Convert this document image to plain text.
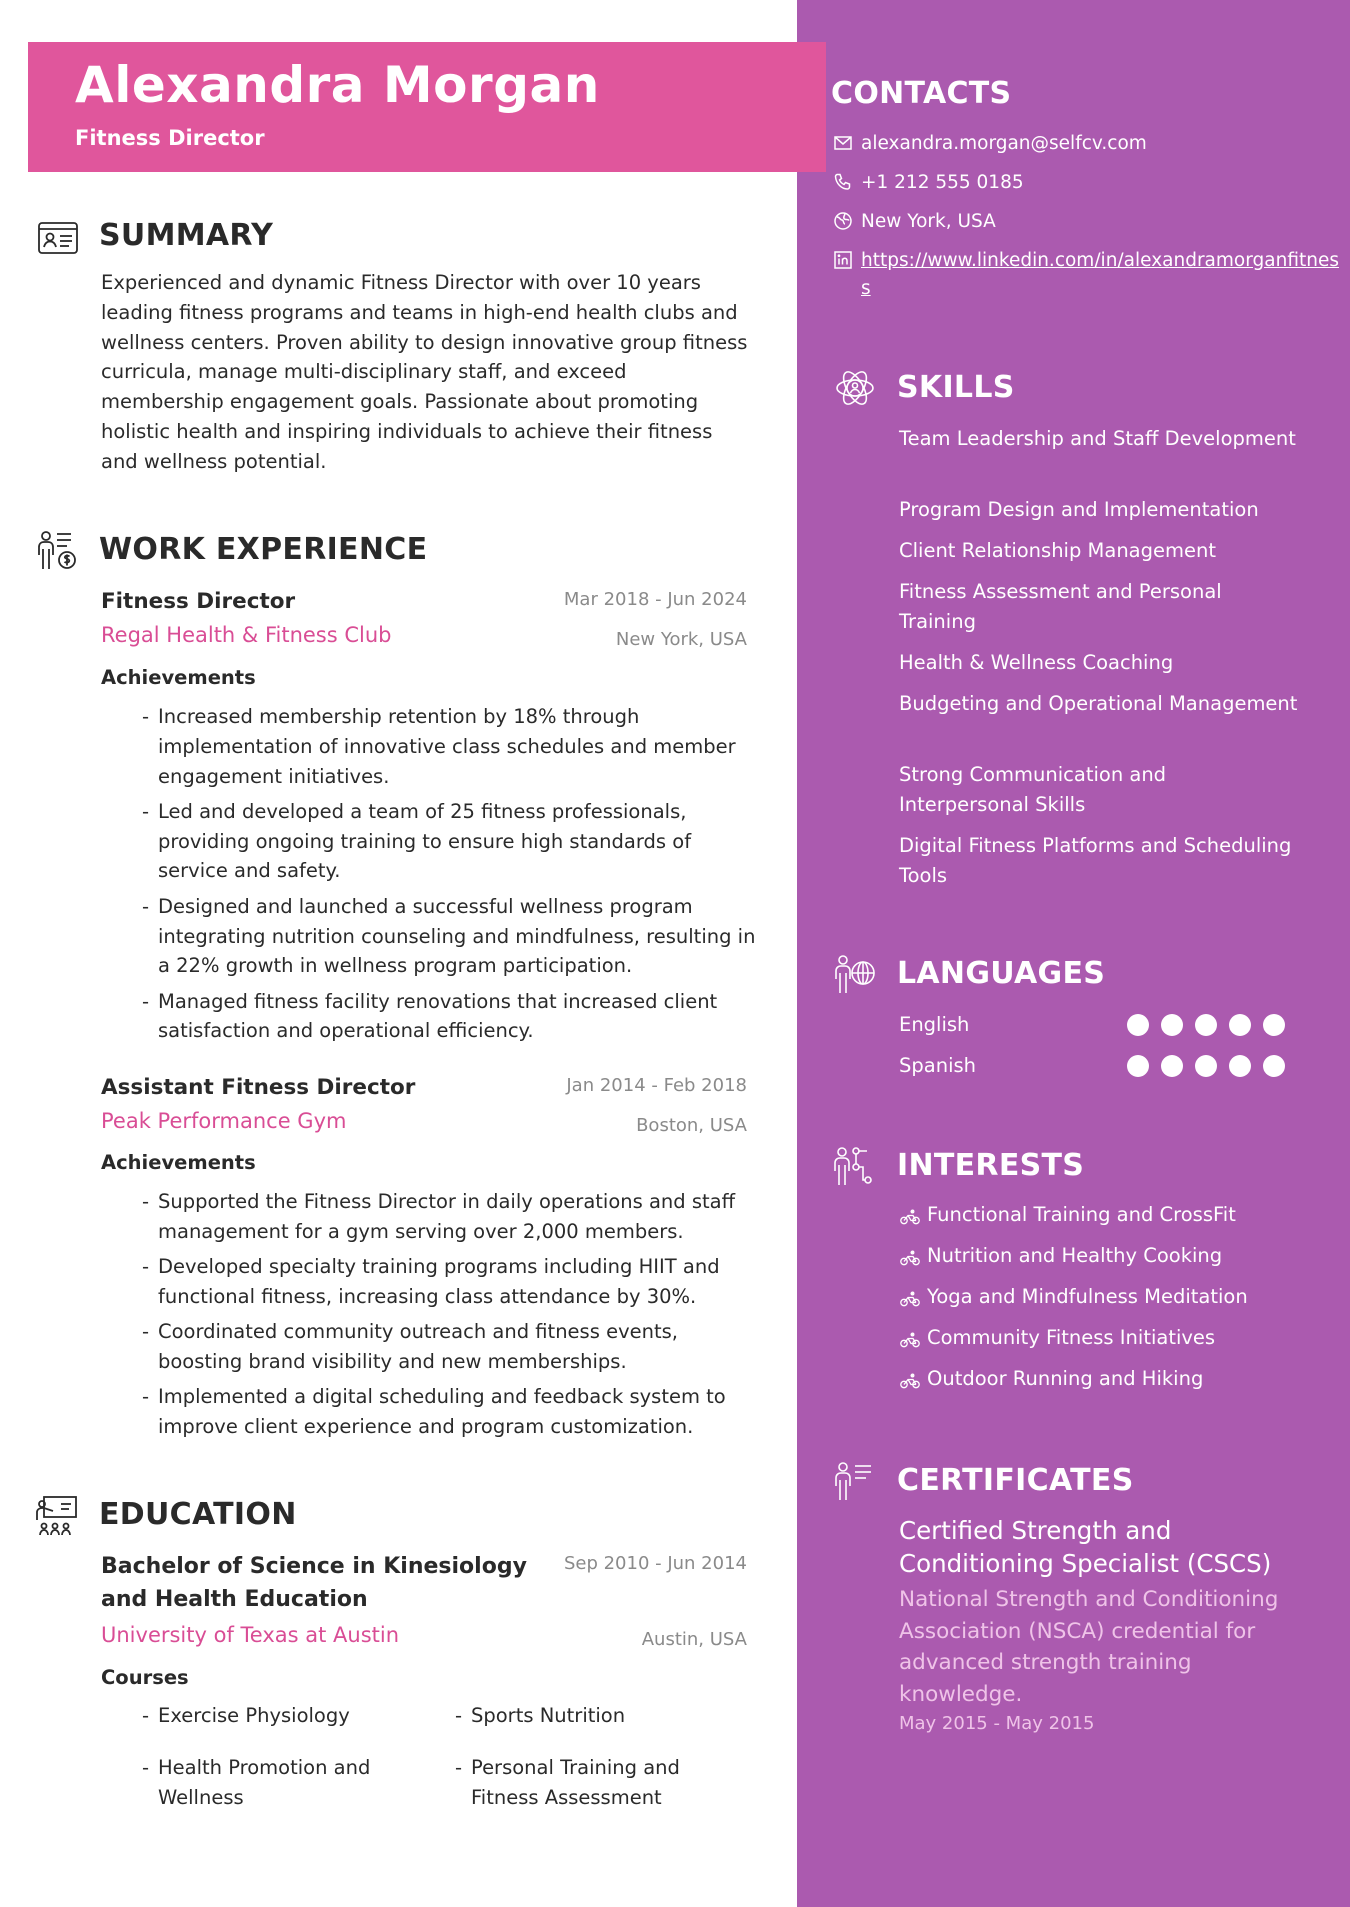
Alexandra Morgan
Fitness Director
SUMMARY
Experienced and dynamic Fitness Director with over 10 years leading fitness programs and teams in high-end health clubs and wellness centers. Proven ability to design innovative group fitness curricula, manage multi-disciplinary staff, and exceed membership engagement goals. Passionate about promoting holistic health and inspiring individuals to achieve their fitness and wellness potential.
WORK EXPERIENCE
Fitness Director	Mar 2018 - Jun 2024
Regal Health & Fitness Club	New York, USA
Achievements
- Increased membership retention by 18% through implementation of innovative class schedules and member engagement initiatives.
- Led and developed a team of 25 fitness professionals, providing ongoing training to ensure high standards of service and safety.
- Designed and launched a successful wellness program integrating nutrition counseling and mindfulness, resulting in a 22% growth in wellness program participation.
- Managed fitness facility renovations that increased client satisfaction and operational efficiency.
Assistant Fitness Director	Jan 2014 - Feb 2018
Peak Performance Gym	Boston, USA
Achievements
- Supported the Fitness Director in daily operations and staff management for a gym serving over 2,000 members.
- Developed specialty training programs including HIIT and functional fitness, increasing class attendance by 30%.
- Coordinated community outreach and fitness events, boosting brand visibility and new memberships.
- Implemented a digital scheduling and feedback system to improve client experience and program customization.
EDUCATION
Bachelor of Science in Kinesiology and Health Education
Sep 2010 - Jun 2014
University of Texas at Austin	Austin, USA
Courses
- Exercise Physiology
-	Sports Nutrition
- Health Promotion and Wellness
- Personal Training and Fitness Assessment
CONTACTS
alexandra.morgan@selfcv.com
+1 212 555 0185
New York, USA
https://www.linkedin.com/in/alexandramorganfitness
SKILLS
Team Leadership and Staff Development
Program Design and Implementation
Client Relationship Management
Fitness Assessment and Personal Training
Health & Wellness Coaching
Budgeting and Operational Management
Strong Communication and Interpersonal Skills
Digital Fitness Platforms and Scheduling Tools
LANGUAGES
English
Spanish
INTERESTS
Functional Training and CrossFit
Nutrition and Healthy Cooking
Yoga and Mindfulness Meditation
Community Fitness Initiatives
Outdoor Running and Hiking
CERTIFICATES
Certified Strength and Conditioning Specialist (CSCS)
National Strength and Conditioning Association (NSCA) credential for advanced strength training knowledge.
May 2015 - May 2015
